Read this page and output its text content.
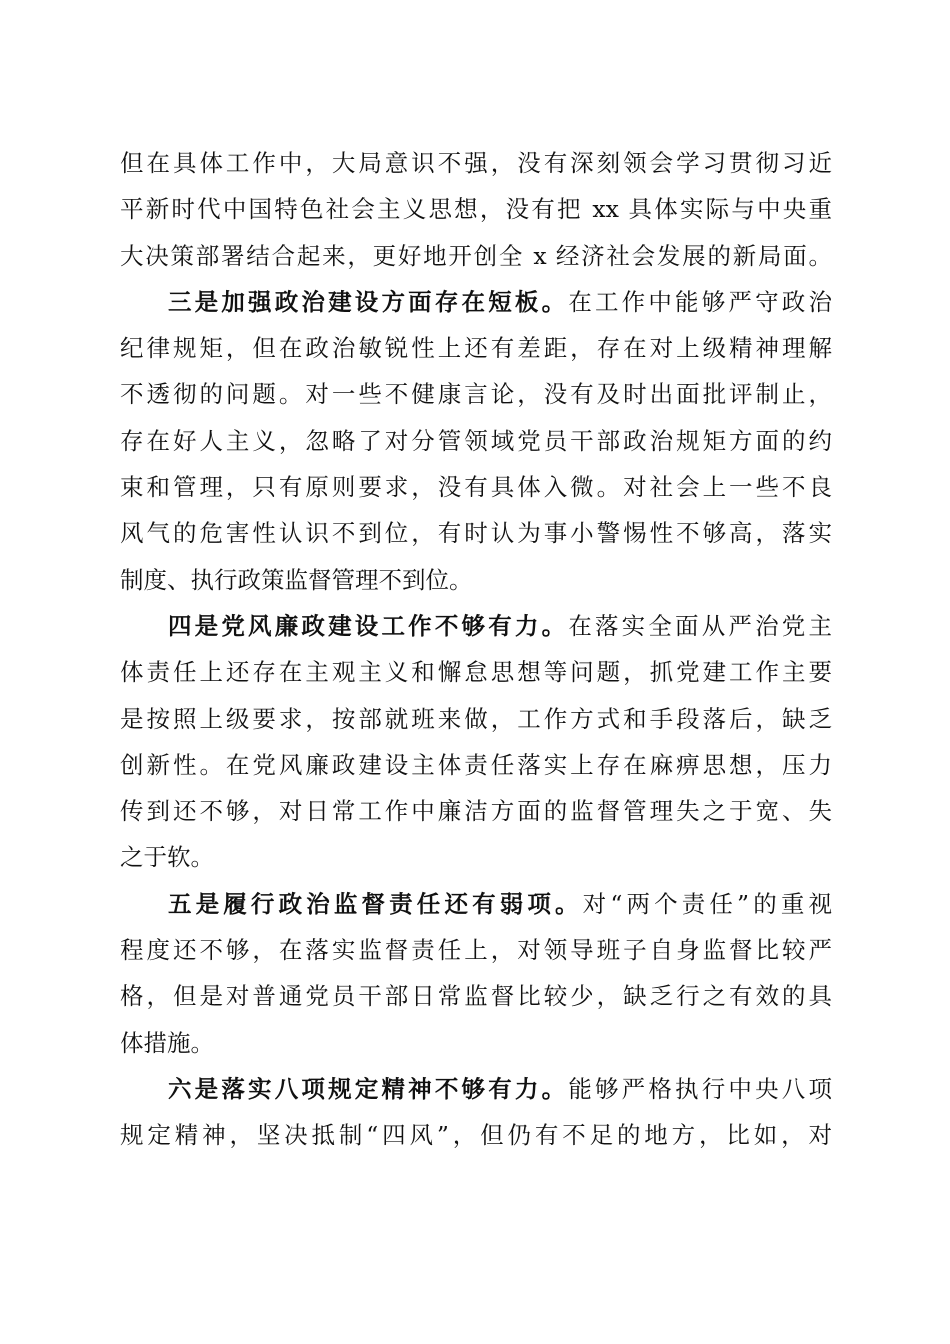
但在具体工作中，大局意识不强，没有深刻领会学习贯彻习近
平新时代中国特色社会主义思想，没有把 xx 具体实际与中央重
大决策部署结合起来，更好地开创全 x 经济社会发展的新局面。
三是加强政治建设方面存在短板。在工作中能够严守政治
纪律规矩，但在政治敏锐性上还有差距，存在对上级精神理解
不透彻的问题。对一些不健康言论，没有及时出面批评制止，
存在好人主义，忽略了对分管领域党员干部政治规矩方面的约
束和管理，只有原则要求，没有具体入微。对社会上一些不良
风气的危害性认识不到位，有时认为事小警惕性不够高，落实
制度、执行政策监督管理不到位。
四是党风廉政建设工作不够有力。在落实全面从严治党主
体责任上还存在主观主义和懈怠思想等问题，抓党建工作主要
是按照上级要求，按部就班来做，工作方式和手段落后，缺乏
创新性。在党风廉政建设主体责任落实上存在麻痹思想，压力
传到还不够，对日常工作中廉洁方面的监督管理失之于宽、失
之于软。
五是履行政治监督责任还有弱项。对“两个责任”的重视
程度还不够，在落实监督责任上，对领导班子自身监督比较严
格，但是对普通党员干部日常监督比较少，缺乏行之有效的具
体措施。
六是落实八项规定精神不够有力。能够严格执行中央八项
规定精神，坚决抵制“四风”，但仍有不足的地方，比如，对
